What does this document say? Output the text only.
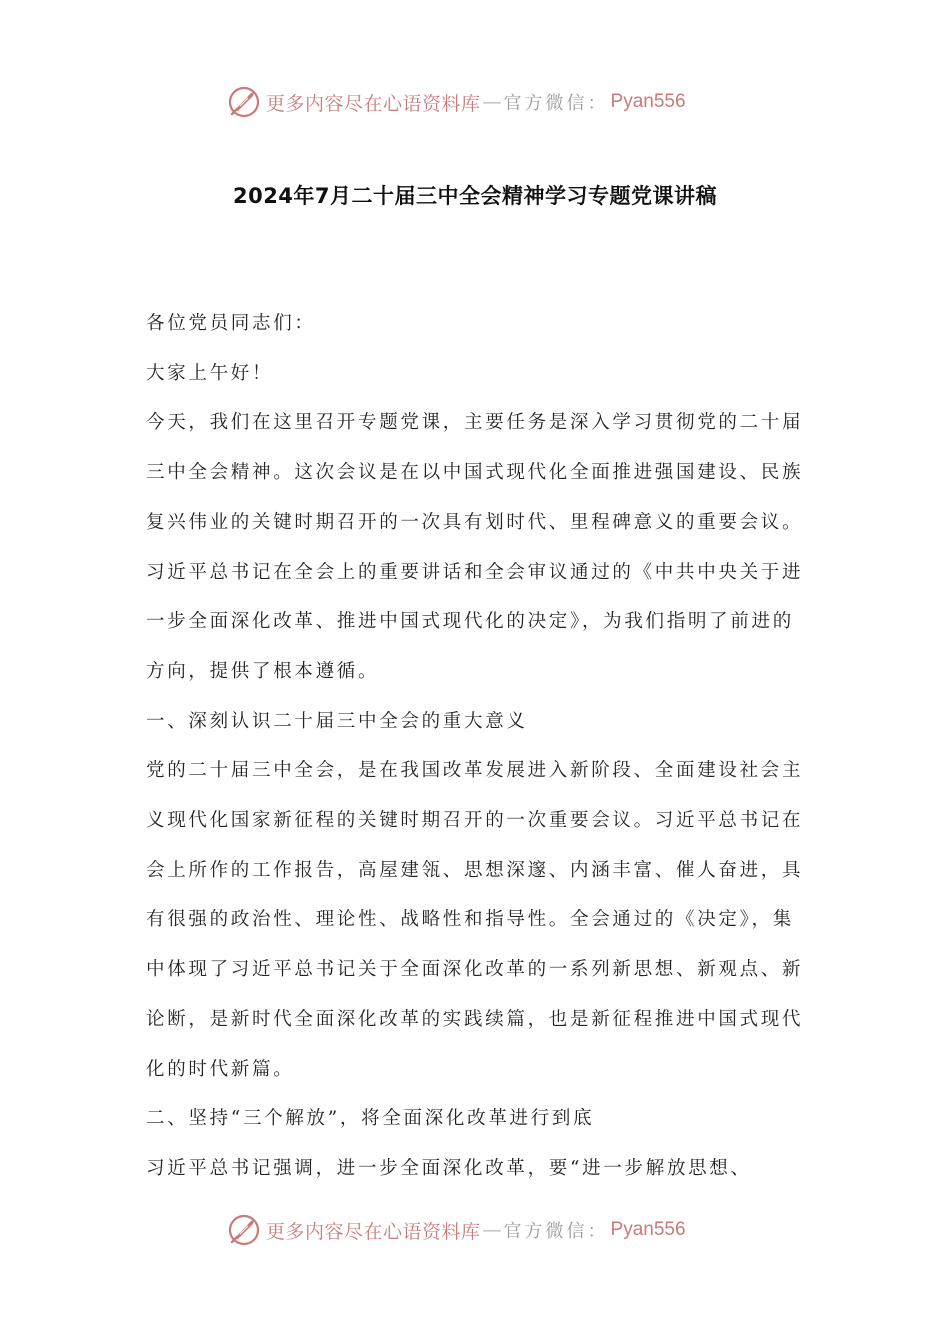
更多内容尽在心语资料库 — 官方微信： Pyan556
2024年7月二十届三中全会精神学习专题党课讲稿

各位党员同志们：

大家上午好！

今天，我们在这里召开专题党课，主要任务是深入学习贯彻党的二十届三中全会精神。这次会议是在以中国式现代化全面推进强国建设、民族复兴伟业的关键时期召开的一次具有划时代、里程碑意义的重要会议。习近平总书记在全会上的重要讲话和全会审议通过的《中共中央关于进一步全面深化改革、推进中国式现代化的决定》，为我们指明了前进的方向，提供了根本遵循。

一、深刻认识二十届三中全会的重大意义

党的二十届三中全会，是在我国改革发展进入新阶段、全面建设社会主义现代化国家新征程的关键时期召开的一次重要会议。习近平总书记在会上所作的工作报告，高屋建瓴、思想深邃、内涵丰富、催人奋进，具有很强的政治性、理论性、战略性和指导性。全会通过的《决定》，集中体现了习近平总书记关于全面深化改革的一系列新思想、新观点、新论断，是新时代全面深化改革的实践续篇，也是新征程推进中国式现代化的时代新篇。

二、坚持“三个解放”，将全面深化改革进行到底

习近平总书记强调，进一步全面深化改革，要“进一步解放思想、

更多内容尽在心语资料库 — 官方微信： Pyan556
